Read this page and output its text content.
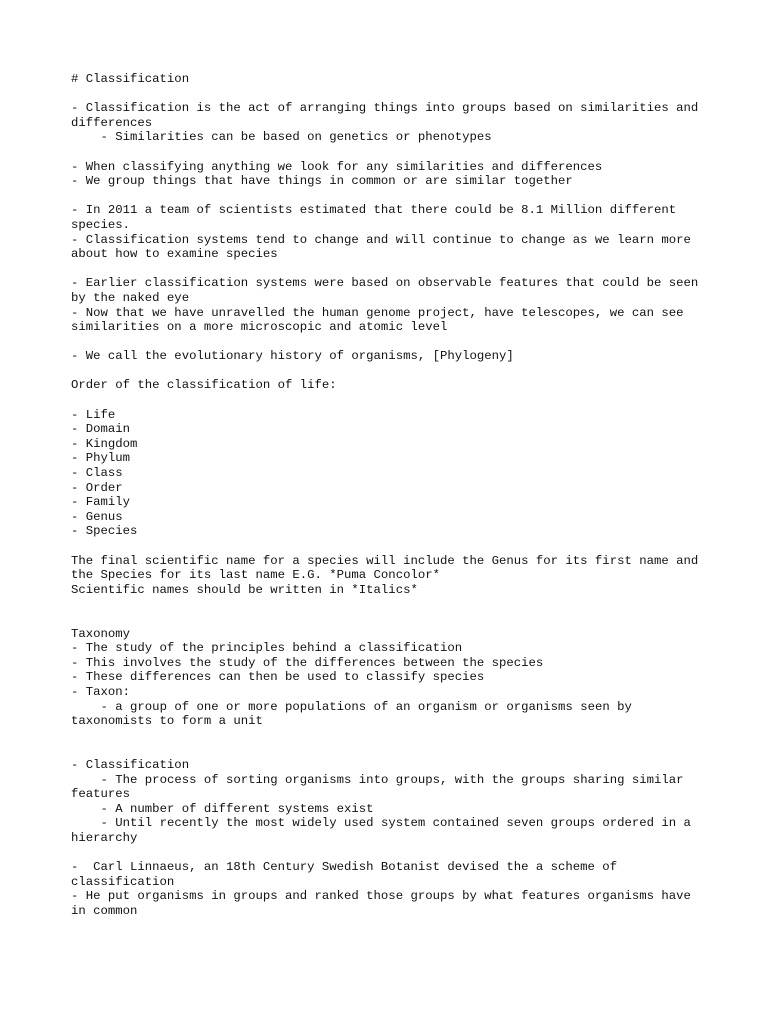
# Classification
- Classification is the act of arranging things into groups based on similarities and differences
- Similarities can be based on genetics or phenotypes
- When classifying anything we look for any similarities and differences
- We group things that have things in common or are similar together
- In 2011 a team of scientists estimated that there could be 8.1 Million different species.
- Classification systems tend to change and will continue to change as we learn more about how to examine species
- Earlier classification systems were based on observable features that could be seen by the naked eye
- Now that we have unravelled the human genome project, have telescopes, we can see similarities on a more microscopic and atomic level
- We call the evolutionary history of organisms, [Phylogeny]
Order of the classification of life:
- Life
- Domain
- Kingdom
- Phylum
- Class
- Order
- Family
- Genus
- Species
The final scientific name for a species will include the Genus for its first name and the Species for its last name E.G. *Puma Concolor*
Scientific names should be written in *Italics*
Taxonomy
- The study of the principles behind a classification
- This involves the study of the differences between the species
- These differences can then be used to classify species
- Taxon:
- a group of one or more populations of an organism or organisms seen by taxonomists to form a unit
- Classification
- The process of sorting organisms into groups, with the groups sharing similar features
- A number of different systems exist
- Until recently the most widely used system contained seven groups ordered in a hierarchy
-  Carl Linnaeus, an 18th Century Swedish Botanist devised the a scheme of classification
- He put organisms in groups and ranked those groups by what features organisms have in common
